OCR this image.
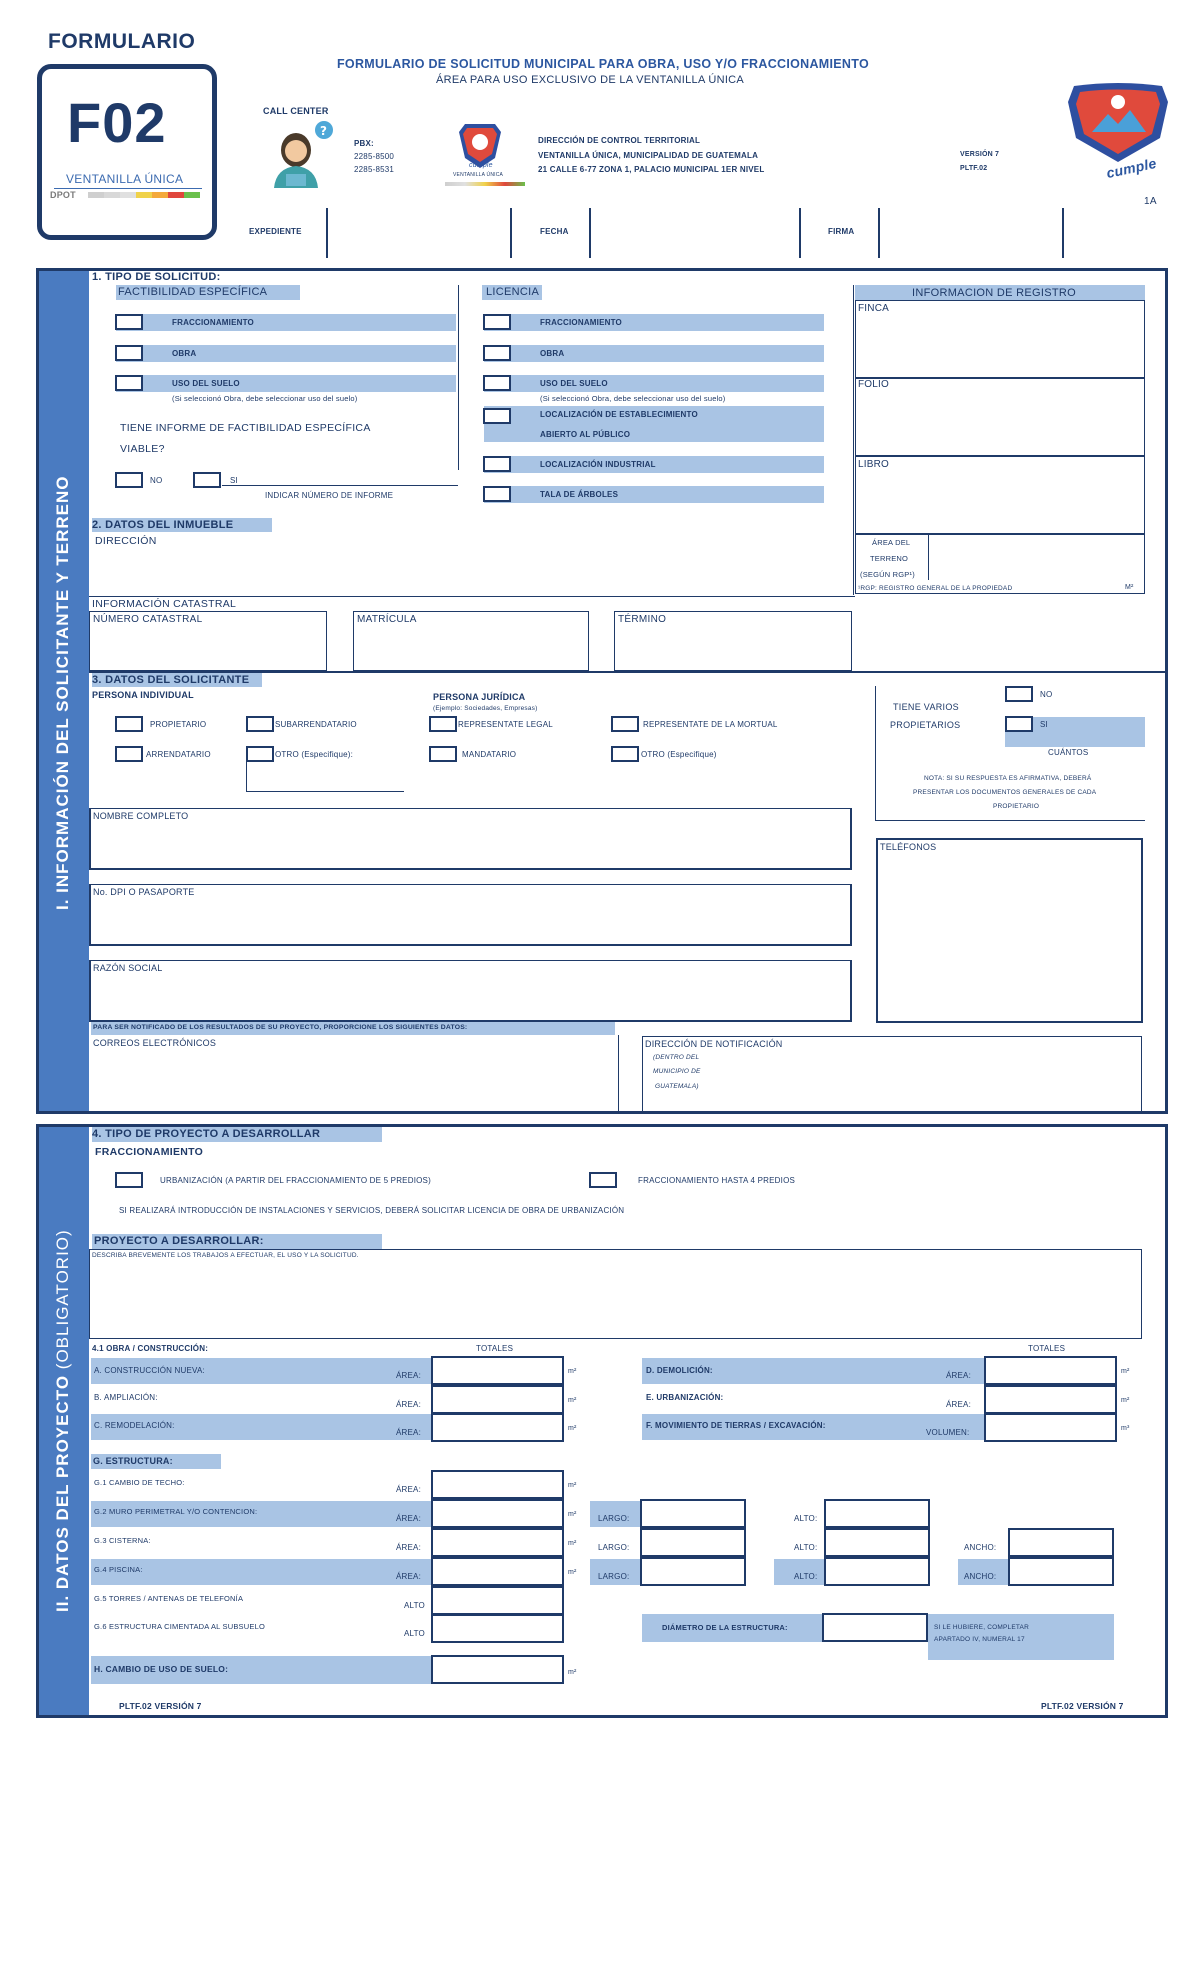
FORMULARIO
F02
VENTANILLA ÚNICA
DPOT
FORMULARIO DE SOLICITUD MUNICIPAL PARA OBRA, USO Y/O FRACCIONAMIENTO
ÁREA PARA USO EXCLUSIVO DE LA VENTANILLA ÚNICA
CALL CENTER
?
PBX:
2285-8500
2285-8531	cumple
VENTANILLA ÚNICA
DIRECCIÓN DE CONTROL TERRITORIAL
VENTANILLA ÚNICA, MUNICIPALIDAD DE GUATEMALA
21 CALLE 6-77 ZONA 1, PALACIO MUNICIPAL 1ER NIVEL
VERSIÓN 7
PLTF.02	cumple
1A
EXPEDIENTE	FECHA	FIRMA
I. INFORMACIÓN DEL SOLICITANTE Y TERRENO
1. TIPO DE SOLICITUD:
FACTIBILIDAD ESPECÍFICA	LICENCIA
FRACCIONAMIENTO
OBRA
USO DEL SUELO
(Si seleccionó Obra, debe seleccionar uso del suelo)
TIENE INFORME DE FACTIBILIDAD ESPECÍFICA
VIABLE?
NO	SI
INDICAR NÚMERO DE INFORME
FRACCIONAMIENTO
OBRA
USO DEL SUELO
(Si seleccionó Obra, debe seleccionar uso del suelo)
LOCALIZACIÓN DE ESTABLECIMIENTO
ABIERTO AL PÚBLICO
LOCALIZACIÓN INDUSTRIAL
TALA DE ÁRBOLES
INFORMACION DE REGISTRO
FINCA
FOLIO
LIBRO
2. DATOS DEL INMUEBLE
DIRECCIÓN	ÁREA DEL
TERRENO
(SEGÚN RGP¹)
¹RGP: REGISTRO GENERAL DE LA PROPIEDAD	M²
INFORMACIÓN CATASTRAL
NÚMERO CATASTRAL	MATRÍCULA	TÉRMINO
3. DATOS DEL SOLICITANTE
PERSONA INDIVIDUAL	PERSONA JURÍDICA
(Ejemplo: Sociedades, Empresas)
PROPIETARIO	SUBARRENDATARIO	REPRESENTATE LEGAL	REPRESENTATE DE LA MORTUAL
ARRENDATARIO	OTRO (Especifique):	MANDATARIO	OTRO (Especifique)
NO
TIENE VARIOS
PROPIETARIOS	SI
CUÁNTOS
NOTA: SI SU RESPUESTA ES AFIRMATIVA, DEBERÁ
PRESENTAR LOS DOCUMENTOS GENERALES DE CADA
PROPIETARIO
NOMBRE COMPLETO
TELÉFONOS
No. DPI O PASAPORTE
RAZÓN SOCIAL
PARA SER NOTIFICADO DE LOS RESULTADOS DE SU PROYECTO, PROPORCIONE LOS SIGUIENTES DATOS:
CORREOS ELECTRÓNICOS	DIRECCIÓN DE NOTIFICACIÓN
(DENTRO DEL
MUNICIPIO DE
GUATEMALA)
II. DATOS DEL PROYECTO (OBLIGATORIO)
4. TIPO DE PROYECTO A DESARROLLAR
FRACCIONAMIENTO
URBANIZACIÓN (A PARTIR DEL FRACCIONAMIENTO DE 5 PREDIOS)	FRACCIONAMIENTO HASTA 4 PREDIOS
SI REALIZARÁ INTRODUCCIÓN DE INSTALACIONES Y SERVICIOS, DEBERÁ SOLICITAR LICENCIA DE OBRA DE URBANIZACIÓN
PROYECTO A DESARROLLAR:
DESCRIBA BREVEMENTE LOS TRABAJOS A EFECTUAR, EL USO Y LA SOLICITUD.
4.1 OBRA / CONSTRUCCIÓN:	TOTALES	TOTALES
A. CONSTRUCCIÓN NUEVA:
ÁREA:	m²
B. AMPLIACIÓN:
ÁREA:	m²
C. REMODELACIÓN:
ÁREA:	m²
D. DEMOLICIÓN:
ÁREA:	m²
E. URBANIZACIÓN:
ÁREA:	m²
F. MOVIMIENTO DE TIERRAS / EXCAVACIÓN:
VOLUMEN:	m³
G. ESTRUCTURA:
G.1 CAMBIO DE TECHO:
ÁREA:	m²
G.2 MURO PERIMETRAL Y/O CONTENCION:
ÁREA:	m²	LARGO:	ALTO:
G.3 CISTERNA:
ÁREA:	m²	LARGO:	ALTO:	ANCHO:
G.4 PISCINA:
ÁREA:	m²	LARGO:	ALTO:	ANCHO:
G.5 TORRES / ANTENAS DE TELEFONÍA
ALTO
G.6 ESTRUCTURA CIMENTADA AL SUBSUELO
ALTO
DIÁMETRO DE LA ESTRUCTURA:	SI LE HUBIERE, COMPLETAR
APARTADO IV, NUMERAL 17
H. CAMBIO DE USO DE SUELO:	m²
PLTF.02 VERSIÓN 7	PLTF.02 VERSIÓN 7
